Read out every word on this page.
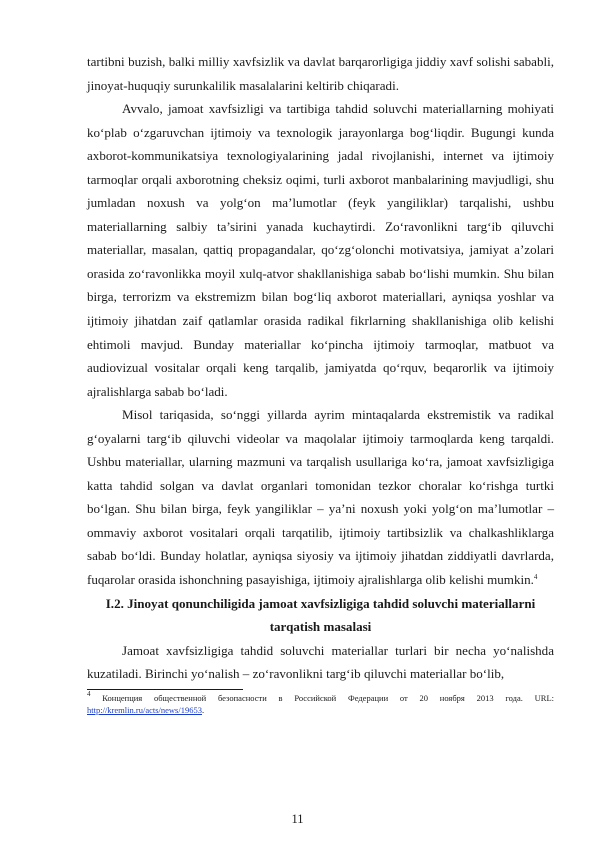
tartibni buzish, balki milliy xavfsizlik va davlat barqarorligiga jiddiy xavf solishi sababli, jinoyat-huquqiy surunkalilik masalalarini keltirib chiqaradi.

Avvalo, jamoat xavfsizligi va tartibiga tahdid soluvchi materiallarning mohiyati ko‘plab o‘zgaruvchan ijtimoiy va texnologik jarayonlarga bog‘liqdir. Bugungi kunda axborot-kommunikatsiya texnologiyalarining jadal rivojlanishi, internet va ijtimoiy tarmoqlar orqali axborotning cheksiz oqimi, turli axborot manbalarining mavjudligi, shu jumladan noxush va yolg‘on ma’lumotlar (feyk yangiliklar) tarqalishi, ushbu materiallarning salbiy ta’sirini yanada kuchaytirdi. Zo‘ravonlikni targ‘ib qiluvchi materiallar, masalan, qattiq propagandalar, qo‘zg‘olonchi motivatsiya, jamiyat a’zolari orasida zo‘ravonlikka moyil xulq-atvor shakllanishiga sabab bo‘lishi mumkin. Shu bilan birga, terrorizm va ekstremizm bilan bog‘liq axborot materiallari, ayniqsa yoshlar va ijtimoiy jihatdan zaif qatlamlar orasida radikal fikrlarning shakllanishiga olib kelishi ehtimoli mavjud. Bunday materiallar ko‘pincha ijtimoiy tarmoqlar, matbuot va audiovizual vositalar orqali keng tarqalib, jamiyatda qo‘rquv, beqarorlik va ijtimoiy ajralishlarga sabab bo‘ladi.

Misol tariqasida, so‘nggi yillarda ayrim mintaqalarda ekstremistik va radikal g‘oyalarni targ‘ib qiluvchi videolar va maqolalar ijtimoiy tarmoqlarda keng tarqaldi. Ushbu materiallar, ularning mazmuni va tarqalish usullariga ko‘ra, jamoat xavfsizligiga katta tahdid solgan va davlat organlari tomonidan tezkor choralar ko‘rishga turtki bo‘lgan. Shu bilan birga, feyk yangiliklar – ya’ni noxush yoki yolg‘on ma’lumotlar – ommaviy axborot vositalari orqali tarqatilib, ijtimoiy tartibsizlik va chalkashliklarga sabab bo‘ldi. Bunday holatlar, ayniqsa siyosiy va ijtimoiy jihatdan ziddiyatli davrlarda, fuqarolar orasida ishonchning pasayishiga, ijtimoiy ajralishlarga olib kelishi mumkin.$^4$

I.2. Jinoyat qonunchiligida jamoat xavfsizligiga tahdid soluvchi materiallarni tarqatish masalasi

Jamoat xavfsizligiga tahdid soluvchi materiallar turlari bir necha yo‘nalishda kuzatiladi. Birinchi yo‘nalish – zo‘ravonlikni targ‘ib qiluvchi materiallar bo‘lib,

$^4$ Концепция общественной безопасности в Российской Федерации от 20 ноября 2013 года. URL: http://kremlin.ru/acts/news/19653.

11
